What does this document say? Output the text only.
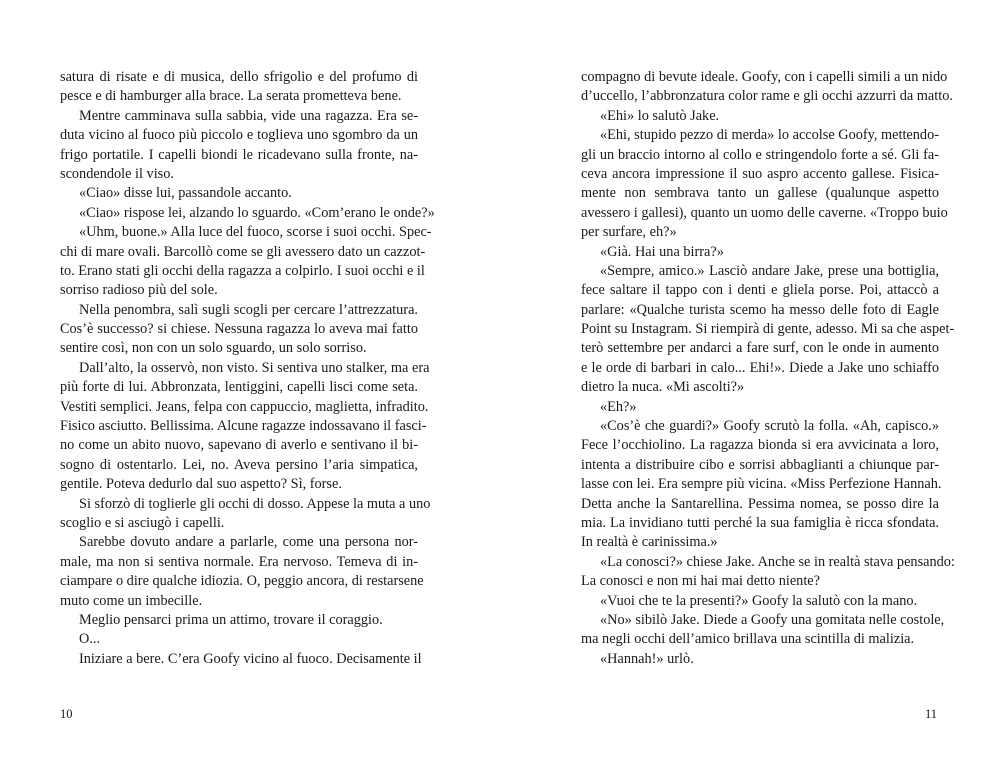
satura di risate e di musica, dello sfrigolio e del profumo di
pesce e di hamburger alla brace. La serata prometteva bene.
Mentre camminava sulla sabbia, vide una ragazza. Era se-
duta vicino al fuoco più piccolo e toglieva uno sgombro da un
frigo portatile. I capelli biondi le ricadevano sulla fronte, na-
scondendole il viso.
«Ciao» disse lui, passandole accanto.
«Ciao» rispose lei, alzando lo sguardo. «Com’erano le onde?»
«Uhm, buone.» Alla luce del fuoco, scorse i suoi occhi. Spec-
chi di mare ovali. Barcollò come se gli avessero dato un cazzot-
to. Erano stati gli occhi della ragazza a colpirlo. I suoi occhi e il
sorriso radioso più del sole.
Nella penombra, salì sugli scogli per cercare l’attrezzatura.
Cos’è successo? si chiese. Nessuna ragazza lo aveva mai fatto
sentire così, non con un solo sguardo, un solo sorriso.
Dall’alto, la osservò, non visto. Si sentiva uno stalker, ma era
più forte di lui. Abbronzata, lentiggini, capelli lisci come seta.
Vestiti semplici. Jeans, felpa con cappuccio, maglietta, infradito.
Fisico asciutto. Bellissima. Alcune ragazze indossavano il fasci-
no come un abito nuovo, sapevano di averlo e sentivano il bi-
sogno di ostentarlo. Lei, no. Aveva persino l’aria simpatica,
gentile. Poteva dedurlo dal suo aspetto? Sì, forse.
Si sforzò di toglierle gli occhi di dosso. Appese la muta a uno
scoglio e si asciugò i capelli.
Sarebbe dovuto andare a parlarle, come una persona nor-
male, ma non si sentiva normale. Era nervoso. Temeva di in-
ciampare o dire qualche idiozia. O, peggio ancora, di restarsene
muto come un imbecille.
Meglio pensarci prima un attimo, trovare il coraggio.
O...
Iniziare a bere. C’era Goofy vicino al fuoco. Decisamente il
compagno di bevute ideale. Goofy, con i capelli simili a un nido
d’uccello, l’abbronzatura color rame e gli occhi azzurri da matto.
«Ehi» lo salutò Jake.
«Ehi, stupido pezzo di merda» lo accolse Goofy, mettendo-
gli un braccio intorno al collo e stringendolo forte a sé. Gli fa-
ceva ancora impressione il suo aspro accento gallese. Fisica-
mente non sembrava tanto un gallese (qualunque aspetto
avessero i gallesi), quanto un uomo delle caverne. «Troppo buio
per surfare, eh?»
«Già. Hai una birra?»
«Sempre, amico.» Lasciò andare Jake, prese una bottiglia,
fece saltare il tappo con i denti e gliela porse. Poi, attaccò a
parlare: «Qualche turista scemo ha messo delle foto di Eagle
Point su Instagram. Si riempirà di gente, adesso. Mi sa che aspet-
terò settembre per andarci a fare surf, con le onde in aumento
e le orde di barbari in calo... Ehi!». Diede a Jake uno schiaffo
dietro la nuca. «Mi ascolti?»
«Eh?»
«Cos’è che guardi?» Goofy scrutò la folla. «Ah, capisco.»
Fece l’occhiolino. La ragazza bionda si era avvicinata a loro,
intenta a distribuire cibo e sorrisi abbaglianti a chiunque par-
lasse con lei. Era sempre più vicina. «Miss Perfezione Hannah.
Detta anche la Santarellina. Pessima nomea, se posso dire la
mia. La invidiano tutti perché la sua famiglia è ricca sfondata.
In realtà è carinissima.»
«La conosci?» chiese Jake. Anche se in realtà stava pensando:
La conosci e non mi hai mai detto niente?
«Vuoi che te la presenti?» Goofy la salutò con la mano.
«No» sibilò Jake. Diede a Goofy una gomitata nelle costole,
ma negli occhi dell’amico brillava una scintilla di malizia.
«Hannah!» urlò.
10	11
